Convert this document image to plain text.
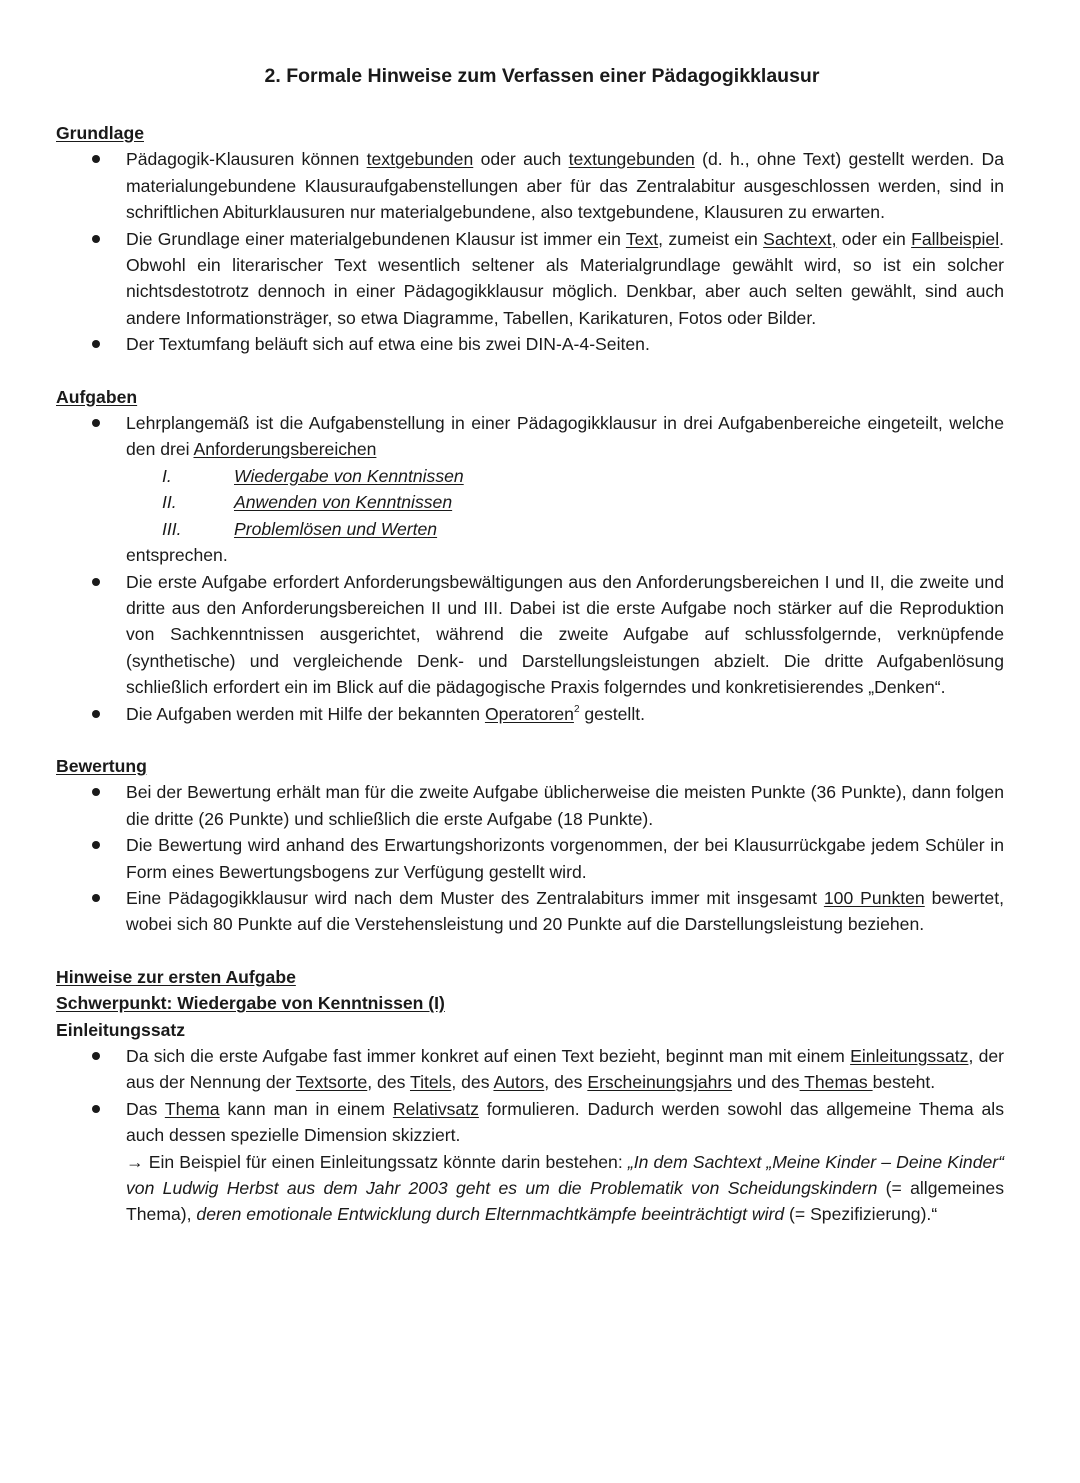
2. Formale Hinweise zum Verfassen einer Pädagogikklausur
Grundlage
Pädagogik-Klausuren können textgebunden oder auch textungebunden (d. h., ohne Text) gestellt werden. Da materialungebundene Klausuraufgabenstellungen aber für das Zentralabitur ausgeschlossen werden, sind in schriftlichen Abiturklausuren nur materialgebundene, also textgebundene, Klausuren zu erwarten.
Die Grundlage einer materialgebundenen Klausur ist immer ein Text, zumeist ein Sachtext, oder ein Fallbeispiel. Obwohl ein literarischer Text wesentlich seltener als Materialgrundlage gewählt wird, so ist ein solcher nichtsdestotrotz dennoch in einer Pädagogikklausur möglich. Denkbar, aber auch selten gewählt, sind auch andere Informationsträger, so etwa Diagramme, Tabellen, Karikaturen, Fotos oder Bilder.
Der Textumfang beläuft sich auf etwa eine bis zwei DIN-A-4-Seiten.
Aufgaben
Lehrplangemäß ist die Aufgabenstellung in einer Pädagogikklausur in drei Aufgabenbereiche eingeteilt, welche den drei Anforderungsbereichen
I.	Wiedergabe von Kenntnissen
II.	Anwenden von Kenntnissen
III.	Problemlösen und Werten
entsprechen.
Die erste Aufgabe erfordert Anforderungsbewältigungen aus den Anforderungsbereichen I und II, die zweite und dritte aus den Anforderungsbereichen II und III. Dabei ist die erste Aufgabe noch stärker auf die Reproduktion von Sachkenntnissen ausgerichtet, während die zweite Aufgabe auf schlussfolgernde, verknüpfende (synthetische) und vergleichende Denk- und Darstellungsleistungen abzielt. Die dritte Aufgabenlösung schließlich erfordert ein im Blick auf die pädagogische Praxis folgerndes und konkretisierendes „Denken“.
Die Aufgaben werden mit Hilfe der bekannten Operatoren$^2$ gestellt.
Bewertung
Bei der Bewertung erhält man für die zweite Aufgabe üblicherweise die meisten Punkte (36 Punkte), dann folgen die dritte (26 Punkte) und schließlich die erste Aufgabe (18 Punkte).
Die Bewertung wird anhand des Erwartungshorizonts vorgenommen, der bei Klausurrückgabe jedem Schüler in Form eines Bewertungsbogens zur Verfügung gestellt wird.
Eine Pädagogikklausur wird nach dem Muster des Zentralabiturs immer mit insgesamt 100 Punkten bewertet, wobei sich 80 Punkte auf die Verstehensleistung und 20 Punkte auf die Darstellungsleistung beziehen.
Hinweise zur ersten Aufgabe
Schwerpunkt: Wiedergabe von Kenntnissen (I)
Einleitungssatz
Da sich die erste Aufgabe fast immer konkret auf einen Text bezieht, beginnt man mit einem Einleitungssatz, der aus der Nennung der Textsorte, des Titels, des Autors, des Erscheinungsjahrs und des Themas besteht.
Das Thema kann man in einem Relativsatz formulieren. Dadurch werden sowohl das allgemeine Thema als auch dessen spezielle Dimension skizziert.
→ Ein Beispiel für einen Einleitungssatz könnte darin bestehen: „In dem Sachtext „Meine Kinder – Deine Kinder“ von Ludwig Herbst aus dem Jahr 2003 geht es um die Problematik von Scheidungskindern (= allgemeines Thema), deren emotionale Entwicklung durch Elternmachtkämpfe beeinträchtigt wird (= Spezifizierung).“
